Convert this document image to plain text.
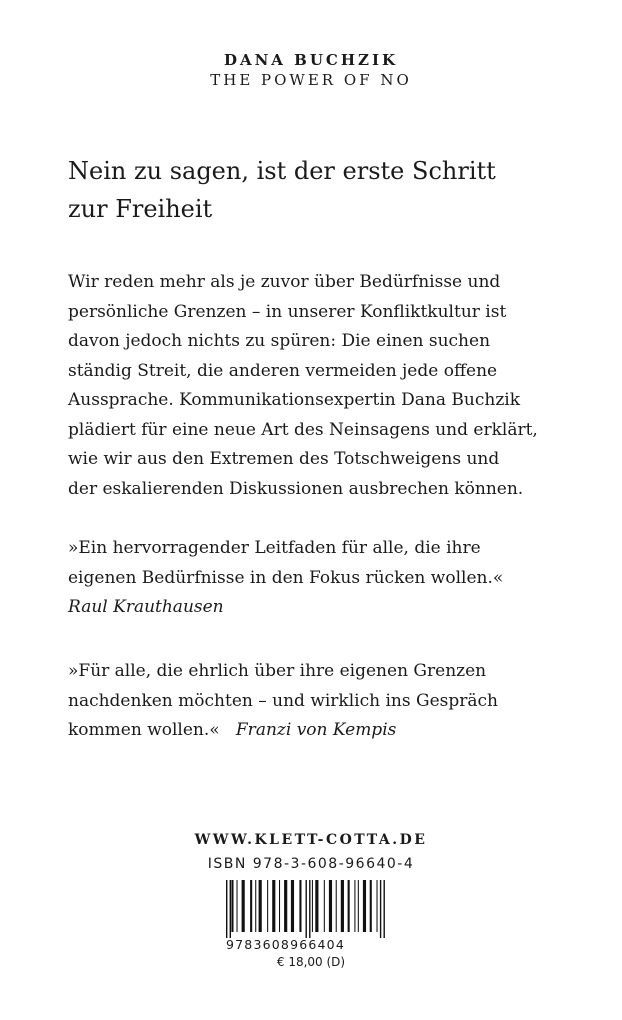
DANA BUCHZIK
THE POWER OF NO
Nein zu sagen, ist der erste Schritt
zur Freiheit

Wir reden mehr als je zuvor über Bedürfnisse und
persönliche Grenzen – in unserer Konfliktkultur ist
davon jedoch nichts zu spüren: Die einen suchen
ständig Streit, die anderen vermeiden jede offene
Aussprache. Kommunikationsexpertin Dana Buchzik
plädiert für eine neue Art des Neinsagens und erklärt,
wie wir aus den Extremen des Totschweigens und
der eskalierenden Diskussionen ausbrechen können.

»Ein hervorragender Leitfaden für alle, die ihre
eigenen Bedürfnisse in den Fokus rücken wollen.«
Raul Krauthausen

»Für alle, die ehrlich über ihre eigenen Grenzen
nachdenken möchten – und wirklich ins Gespräch
kommen wollen.« Franzi von Kempis

WWW.KLETT-COTTA.DE
ISBN 978-3-608-96640-4
9783608966404
€ 18,00 (D)
